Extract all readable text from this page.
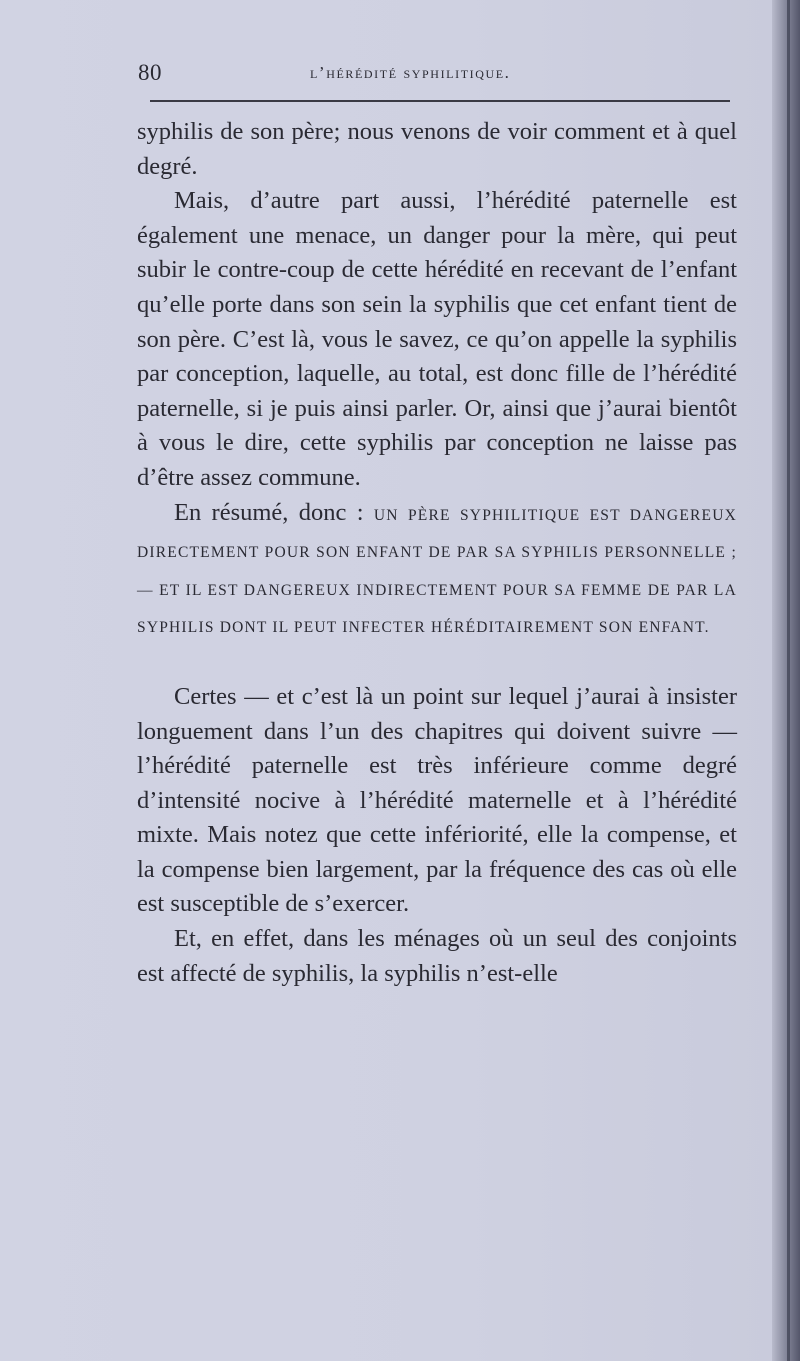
80	l’hérédité syphilitique.

syphilis de son père; nous venons de voir comment et à quel degré.

Mais, d’autre part aussi, l’hérédité paternelle est également une menace, un danger pour la mère, qui peut subir le contre-coup de cette hérédité en recevant de l’enfant qu’elle porte dans son sein la syphilis que cet enfant tient de son père. C’est là, vous le savez, ce qu’on appelle la syphilis par conception, laquelle, au total, est donc fille de l’hérédité paternelle, si je puis ainsi parler. Or, ainsi que j’aurai bientôt à vous le dire, cette syphilis par conception ne laisse pas d’être assez commune.

En résumé, donc : UN PÈRE SYPHILITIQUE EST DANGEREUX DIRECTEMENT POUR SON ENFANT DE PAR SA SYPHILIS PERSONNELLE ; — ET IL EST DANGEREUX INDIRECTEMENT POUR SA FEMME DE PAR LA SYPHILIS DONT IL PEUT INFECTER HÉRÉDITAIREMENT SON ENFANT.

Certes — et c’est là un point sur lequel j’aurai à insister longuement dans l’un des chapitres qui doivent suivre — l’hérédité paternelle est très inférieure comme degré d’intensité nocive à l’hérédité maternelle et à l’hérédité mixte. Mais notez que cette infériorité, elle la compense, et la compense bien largement, par la fréquence des cas où elle est susceptible de s’exercer.

Et, en effet, dans les ménages où un seul des conjoints est affecté de syphilis, la syphilis n’est-elle
